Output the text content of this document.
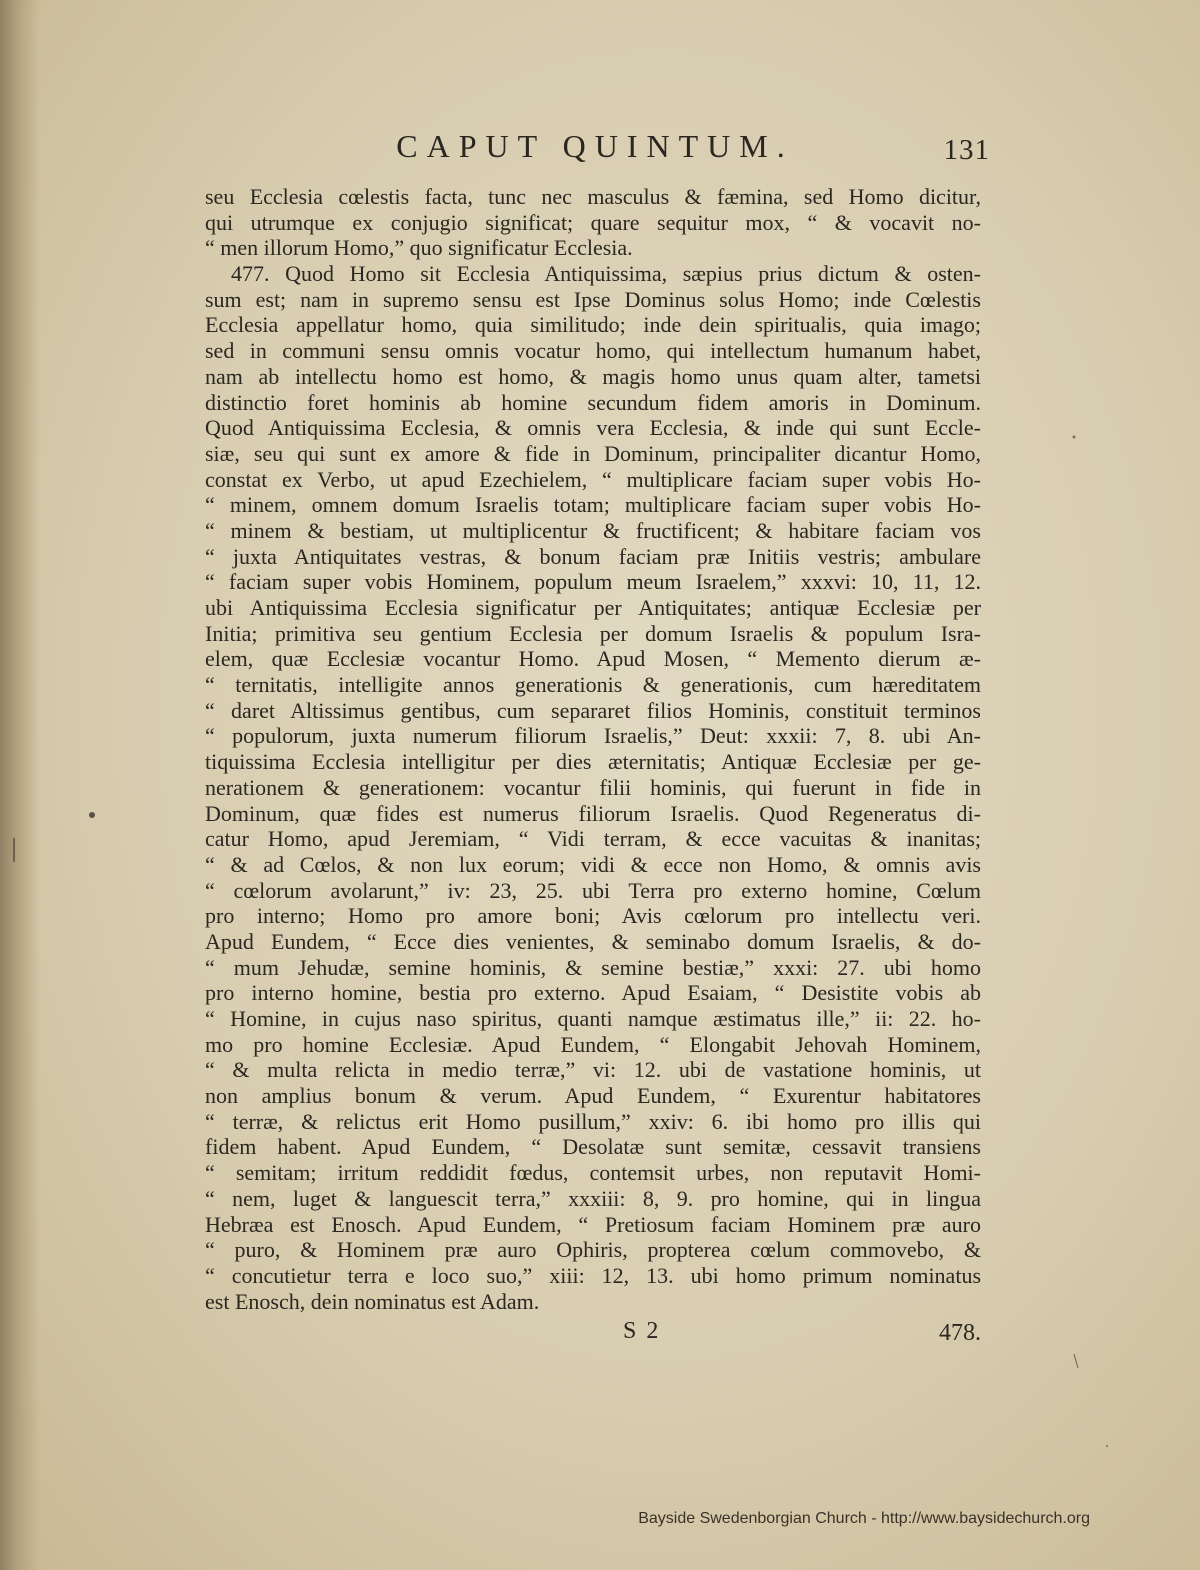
CAPUT QUINTUM.	131
seu Ecclesia cœlestis facta, tunc nec masculus & fæmina, sed Homo dicitur,
qui utrumque ex conjugio significat; quare sequitur mox, “ & vocavit no-
“ men illorum Homo,” quo significatur Ecclesia.
477. Quod Homo sit Ecclesia Antiquissima, sæpius prius dictum & osten-
sum est; nam in supremo sensu est Ipse Dominus solus Homo; inde Cœlestis
Ecclesia appellatur homo, quia similitudo; inde dein spiritualis, quia imago;
sed in communi sensu omnis vocatur homo, qui intellectum humanum habet,
nam ab intellectu homo est homo, & magis homo unus quam alter, tametsi
distinctio foret hominis ab homine secundum fidem amoris in Dominum.
Quod Antiquissima Ecclesia, & omnis vera Ecclesia, & inde qui sunt Eccle-
siæ, seu qui sunt ex amore & fide in Dominum, principaliter dicantur Homo,
constat ex Verbo, ut apud Ezechielem, “ multiplicare faciam super vobis Ho-
“ minem, omnem domum Israelis totam; multiplicare faciam super vobis Ho-
“ minem & bestiam, ut multiplicentur & fructificent; & habitare faciam vos
“ juxta Antiquitates vestras, & bonum faciam præ Initiis vestris; ambulare
“ faciam super vobis Hominem, populum meum Israelem,” xxxvi: 10, 11, 12.
ubi Antiquissima Ecclesia significatur per Antiquitates; antiquæ Ecclesiæ per
Initia; primitiva seu gentium Ecclesia per domum Israelis & populum Isra-
elem, quæ Ecclesiæ vocantur Homo. Apud Mosen, “ Memento dierum æ-
“ ternitatis, intelligite annos generationis & generationis, cum hæreditatem
“ daret Altissimus gentibus, cum separaret filios Hominis, constituit terminos
“ populorum, juxta numerum filiorum Israelis,” Deut: xxxii: 7, 8. ubi An-
tiquissima Ecclesia intelligitur per dies æternitatis; Antiquæ Ecclesiæ per ge-
nerationem & generationem: vocantur filii hominis, qui fuerunt in fide in
Dominum, quæ fides est numerus filiorum Israelis. Quod Regeneratus di-
catur Homo, apud Jeremiam, “ Vidi terram, & ecce vacuitas & inanitas;
“ & ad Cœlos, & non lux eorum; vidi & ecce non Homo, & omnis avis
“ cœlorum avolarunt,” iv: 23, 25. ubi Terra pro externo homine, Cœlum
pro interno; Homo pro amore boni; Avis cœlorum pro intellectu veri.
Apud Eundem, “ Ecce dies venientes, & seminabo domum Israelis, & do-
“ mum Jehudæ, semine hominis, & semine bestiæ,” xxxi: 27. ubi homo
pro interno homine, bestia pro externo. Apud Esaiam, “ Desistite vobis ab
“ Homine, in cujus naso spiritus, quanti namque æstimatus ille,” ii: 22. ho-
mo pro homine Ecclesiæ. Apud Eundem, “ Elongabit Jehovah Hominem,
“ & multa relicta in medio terræ,” vi: 12. ubi de vastatione hominis, ut
non amplius bonum & verum. Apud Eundem, “ Exurentur habitatores
“ terræ, & relictus erit Homo pusillum,” xxiv: 6. ibi homo pro illis qui
fidem habent. Apud Eundem, “ Desolatæ sunt semitæ, cessavit transiens
“ semitam; irritum reddidit fœdus, contemsit urbes, non reputavit Homi-
“ nem, luget & languescit terra,” xxxiii: 8, 9. pro homine, qui in lingua
Hebræa est Enosch. Apud Eundem, “ Pretiosum faciam Hominem præ auro
“ puro, & Hominem præ auro Ophiris, propterea cœlum commovebo, &
“ concutietur terra e loco suo,” xiii: 12, 13. ubi homo primum nominatus
est Enosch, dein nominatus est Adam.
S 2	478.
Bayside Swedenborgian Church - http://www.baysidechurch.org
